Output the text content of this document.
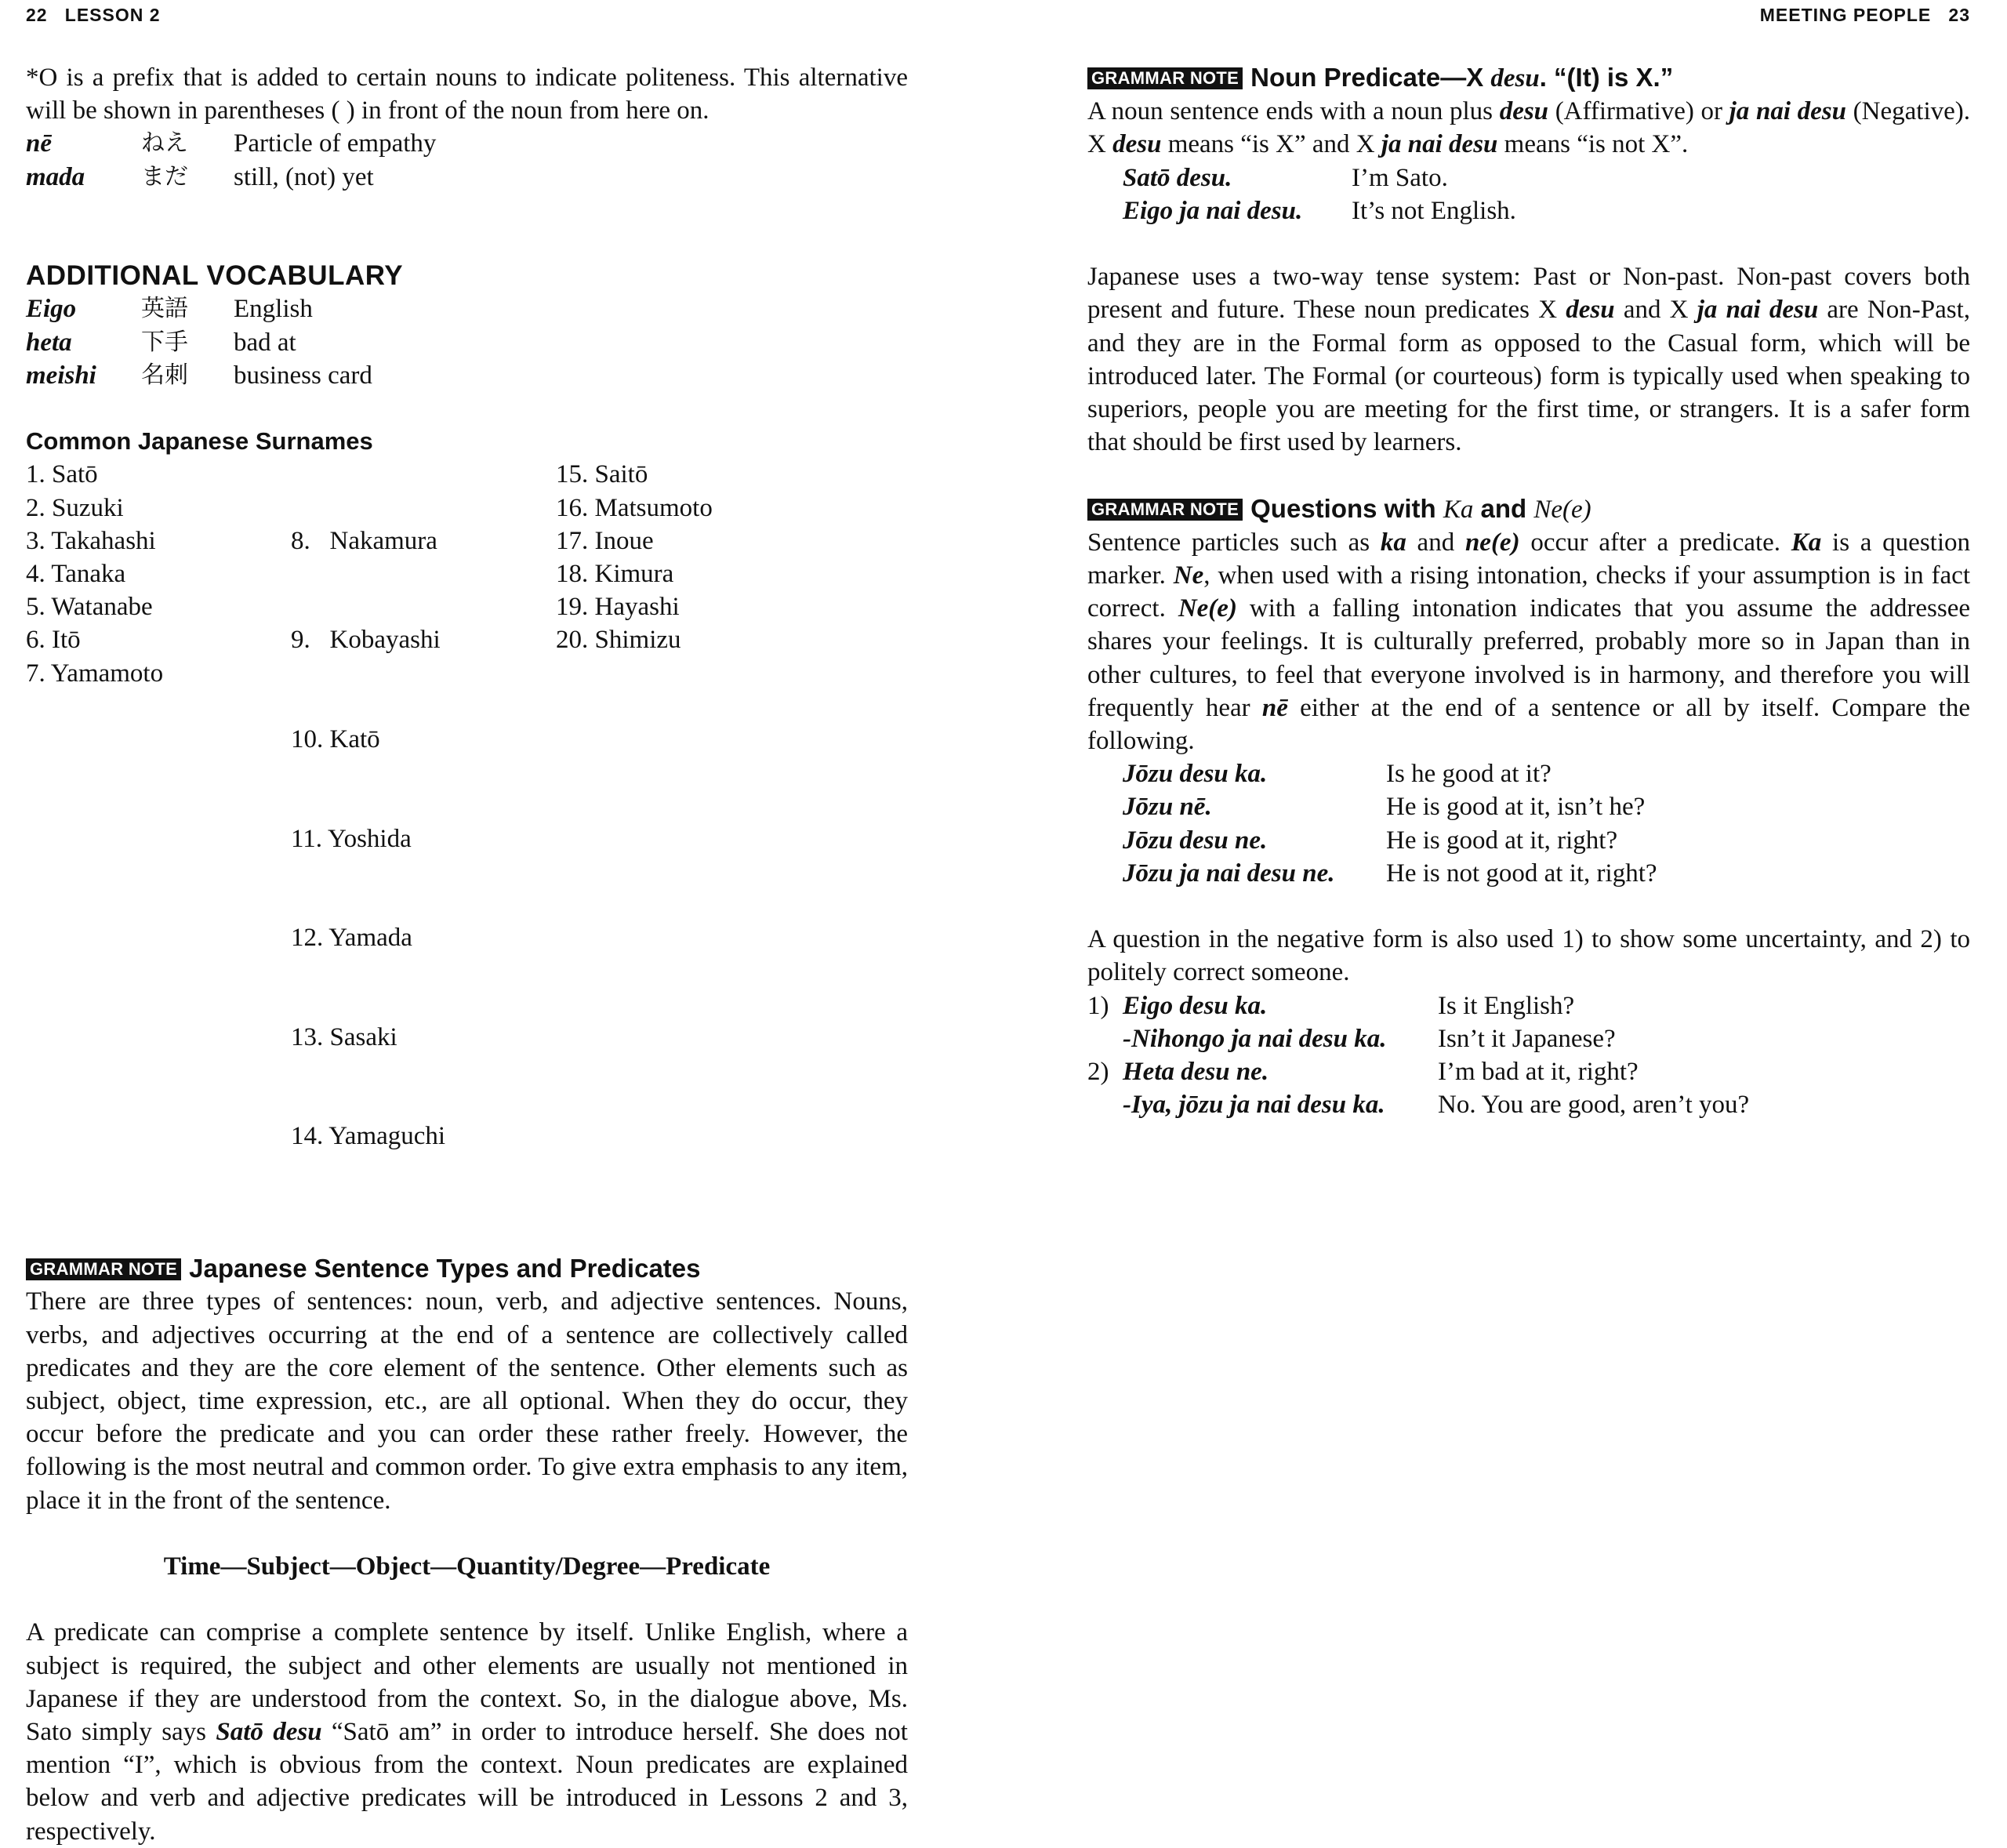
22 LESSON 2

*O is a prefix that is added to certain nouns to indicate politeness. This alternative will be shown in parentheses ( ) in front of the noun from here on.

nē	ねえ	Particle of empathy
mada	まだ	still, (not) yet
ADDITIONAL VOCABULARY
Eigo	英語	English
heta	下手	bad at
meishi	名刺	business card
Common Japanese Surnames
1. Satō
2. Suzuki
3. Takahashi
4. Tanaka
5. Watanabe
6. Itō
7. Yamamoto

8.   Nakamura

9.   Kobayashi

10. Katō

11. Yoshida

12. Yamada

13. Sasaki

14. Yamaguchi

15. Saitō
16. Matsumoto
17. Inoue
18. Kimura
19. Hayashi
20. Shimizu
GRAMMAR NOTE Japanese Sentence Types and Predicates

There are three types of sentences: noun, verb, and adjective sentences. Nouns, verbs, and adjectives occurring at the end of a sentence are collectively called predicates and they are the core element of the sentence. Other elements such as subject, object, time expression, etc., are all optional. When they do occur, they occur before the predicate and you can order these rather freely. However, the following is the most neutral and common order. To give extra emphasis to any item, place it in the front of the sentence.

Time—Subject—Object—Quantity/Degree—Predicate

A predicate can comprise a complete sentence by itself. Unlike English, where a subject is required, the subject and other elements are usually not mentioned in Japanese if they are understood from the context. So, in the dialogue above, Ms. Sato simply says Satō desu “Satō am” in order to introduce herself. She does not mention “I”, which is obvious from the context. Noun predicates are explained below and verb and adjective predicates will be introduced in Lessons 2 and 3, respectively.

MEETING PEOPLE 23
GRAMMAR NOTE Noun Predicate—X desu. “(It) is X.”

A noun sentence ends with a noun plus desu (Affirmative) or ja nai desu (Negative). X desu means “is X” and X ja nai desu means “is not X”.

Satō desu.	I’m Sato.
Eigo ja nai desu.	It’s not English.

Japanese uses a two-way tense system: Past or Non-past. Non-past covers both present and future. These noun predicates X desu and X ja nai desu are Non-Past, and they are in the Formal form as opposed to the Casual form, which will be introduced later. The Formal (or courteous) form is typically used when speaking to superiors, people you are meeting for the first time, or strangers. It is a safer form that should be first used by learners.

GRAMMAR NOTE Questions with Ka and Ne(e)

Sentence particles such as ka and ne(e) occur after a predicate. Ka is a question marker. Ne, when used with a rising intonation, checks if your assumption is in fact correct. Ne(e) with a falling intonation indicates that you assume the addressee shares your feelings. It is culturally preferred, probably more so in Japan than in other cultures, to feel that everyone involved is in harmony, and therefore you will frequently hear nē either at the end of a sentence or all by itself. Compare the following.

Jōzu desu ka.	Is he good at it?
Jōzu nē.	He is good at it, isn’t he?
Jōzu desu ne.	He is good at it, right?
Jōzu ja nai desu ne.	He is not good at it, right?

A question in the negative form is also used 1) to show some uncertainty, and 2) to politely correct someone.

1) Eigo desu ka.	Is it English?
-Nihongo ja nai desu ka.	Isn’t it Japanese?
2) Heta desu ne.	I’m bad at it, right?
-Iya, jōzu ja nai desu ka.	No. You are good, aren’t you?
